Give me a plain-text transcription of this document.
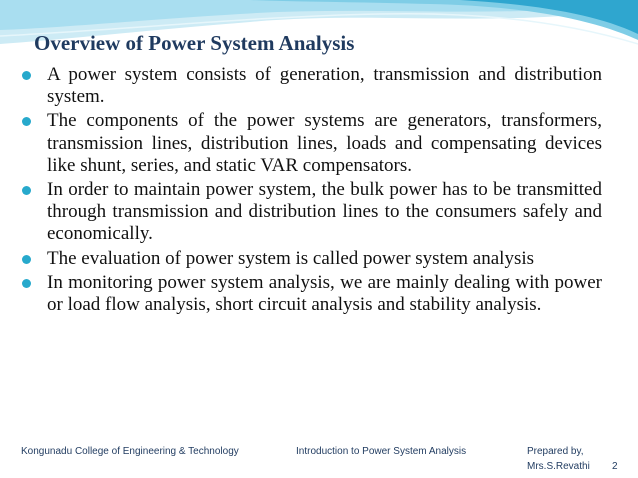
Overview of Power System Analysis
A power system consists of generation, transmission and distribution system.
The components of the power systems are generators, transformers, transmission lines, distribution lines, loads and compensating devices like shunt, series, and static VAR compensators.
In order to maintain power system, the bulk power has to be transmitted through transmission and distribution lines to the consumers safely and economically.
The evaluation of power system is called power system analysis
In monitoring power system analysis, we are mainly dealing with power or load flow analysis, short circuit analysis and stability analysis.
Kongunadu College of Engineering & Technology	Introduction to Power System Analysis	Prepared by,
Mrs.S.Revathi 2
